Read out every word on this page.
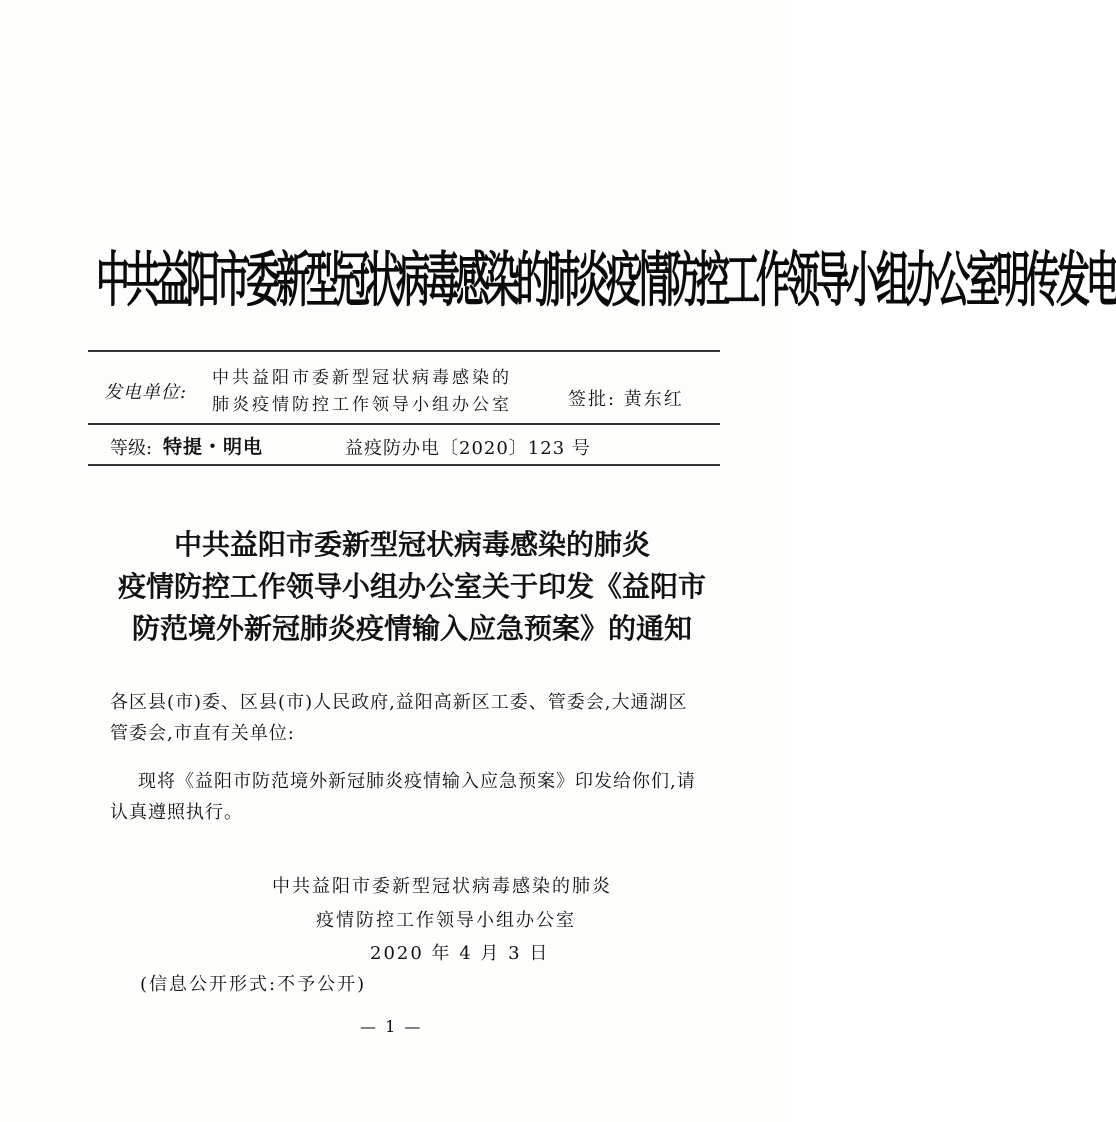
中共益阳市委新型冠状病毒感染的肺炎疫情防控工作领导小组办公室明传发电
发电单位:
中共益阳市委新型冠状病毒感染的
肺炎疫情防控工作领导小组办公室	签批: 黄东红
等级: 特提・明电	益疫防办电〔2020〕123 号
中共益阳市委新型冠状病毒感染的肺炎
疫情防控工作领导小组办公室关于印发《益阳市
防范境外新冠肺炎疫情输入应急预案》的通知
各区县(市)委、区县(市)人民政府,益阳高新区工委、管委会,大通湖区管委会,市直有关单位:
现将《益阳市防范境外新冠肺炎疫情输入应急预案》印发给你们,请认真遵照执行。
中共益阳市委新型冠状病毒感染的肺炎
疫情防控工作领导小组办公室
2020 年 4 月 3 日
(信息公开形式:不予公开)
— 1 —
